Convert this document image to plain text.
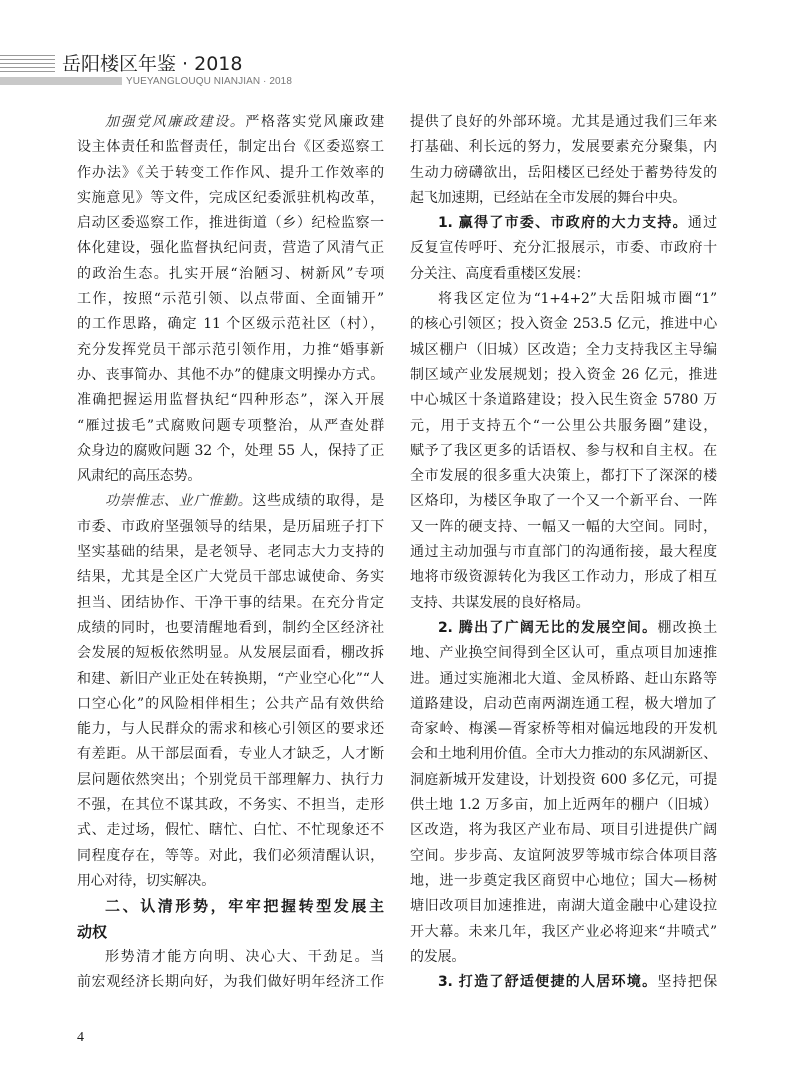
岳阳楼区年鉴 · 2018
YUEYANGLOUQU NIANJIAN · 2018
加强党风廉政建设。严格落实党风廉政建
设主体责任和监督责任，制定出台《区委巡察工
作办法》《关于转变工作作风、提升工作效率的
实施意见》等文件，完成区纪委派驻机构改革，
启动区委巡察工作，推进街道（乡）纪检监察一
体化建设，强化监督执纪问责，营造了风清气正
的政治生态。扎实开展“治陋习、树新风”专项
工作，按照“示范引领、以点带面、全面铺开”
的工作思路，确定 11 个区级示范社区（村），
充分发挥党员干部示范引领作用，力推“婚事新
办、丧事简办、其他不办”的健康文明操办方式。
准确把握运用监督执纪“四种形态”，深入开展
“雁过拔毛”式腐败问题专项整治，从严查处群
众身边的腐败问题 32 个，处理 55 人，保持了正
风肃纪的高压态势。
功崇惟志、业广惟勤。这些成绩的取得，是
市委、市政府坚强领导的结果，是历届班子打下
坚实基础的结果，是老领导、老同志大力支持的
结果，尤其是全区广大党员干部忠诚使命、务实
担当、团结协作、干净干事的结果。在充分肯定
成绩的同时，也要清醒地看到，制约全区经济社
会发展的短板依然明显。从发展层面看，棚改拆
和建、新旧产业正处在转换期，“产业空心化”“人
口空心化”的风险相伴相生；公共产品有效供给
能力，与人民群众的需求和核心引领区的要求还
有差距。从干部层面看，专业人才缺乏，人才断
层问题依然突出；个别党员干部理解力、执行力
不强，在其位不谋其政，不务实、不担当，走形
式、走过场，假忙、瞎忙、白忙、不忙现象还不
同程度存在，等等。对此，我们必须清醒认识，
用心对待，切实解决。
二、认清形势，牢牢把握转型发展主
动权
形势清才能方向明、决心大、干劲足。当
前宏观经济长期向好，为我们做好明年经济工作
提供了良好的外部环境。尤其是通过我们三年来
打基础、利长远的努力，发展要素充分聚集，内
生动力磅礴欲出，岳阳楼区已经处于蓄势待发的
起飞加速期，已经站在全市发展的舞台中央。
1. 赢得了市委、市政府的大力支持。通过
反复宣传呼吁、充分汇报展示，市委、市政府十
分关注、高度看重楼区发展：
将我区定位为“1+4+2”大岳阳城市圈“1”
的核心引领区；投入资金 253.5 亿元，推进中心
城区棚户（旧城）区改造；全力支持我区主导编
制区域产业发展规划；投入资金 26 亿元，推进
中心城区十条道路建设；投入民生资金 5780 万
元，用于支持五个“一公里公共服务圈”建设，
赋予了我区更多的话语权、参与权和自主权。在
全市发展的很多重大决策上，都打下了深深的楼
区烙印，为楼区争取了一个又一个新平台、一阵
又一阵的硬支持、一幅又一幅的大空间。同时，
通过主动加强与市直部门的沟通衔接，最大程度
地将市级资源转化为我区工作动力，形成了相互
支持、共谋发展的良好格局。
2. 腾出了广阔无比的发展空间。棚改换土
地、产业换空间得到全区认可，重点项目加速推
进。通过实施湘北大道、金凤桥路、赶山东路等
道路建设，启动芭南两湖连通工程，极大增加了
奇家岭、梅溪—胥家桥等相对偏远地段的开发机
会和土地利用价值。全市大力推动的东风湖新区、
洞庭新城开发建设，计划投资 600 多亿元，可提
供土地 1.2 万多亩，加上近两年的棚户（旧城）
区改造，将为我区产业布局、项目引进提供广阔
空间。步步高、友谊阿波罗等城市综合体项目落
地，进一步奠定我区商贸中心地位；国大—杨树
塘旧改项目加速推进，南湖大道金融中心建设拉
开大幕。未来几年，我区产业必将迎来“井喷式”
的发展。
3. 打造了舒适便捷的人居环境。坚持把保
4
